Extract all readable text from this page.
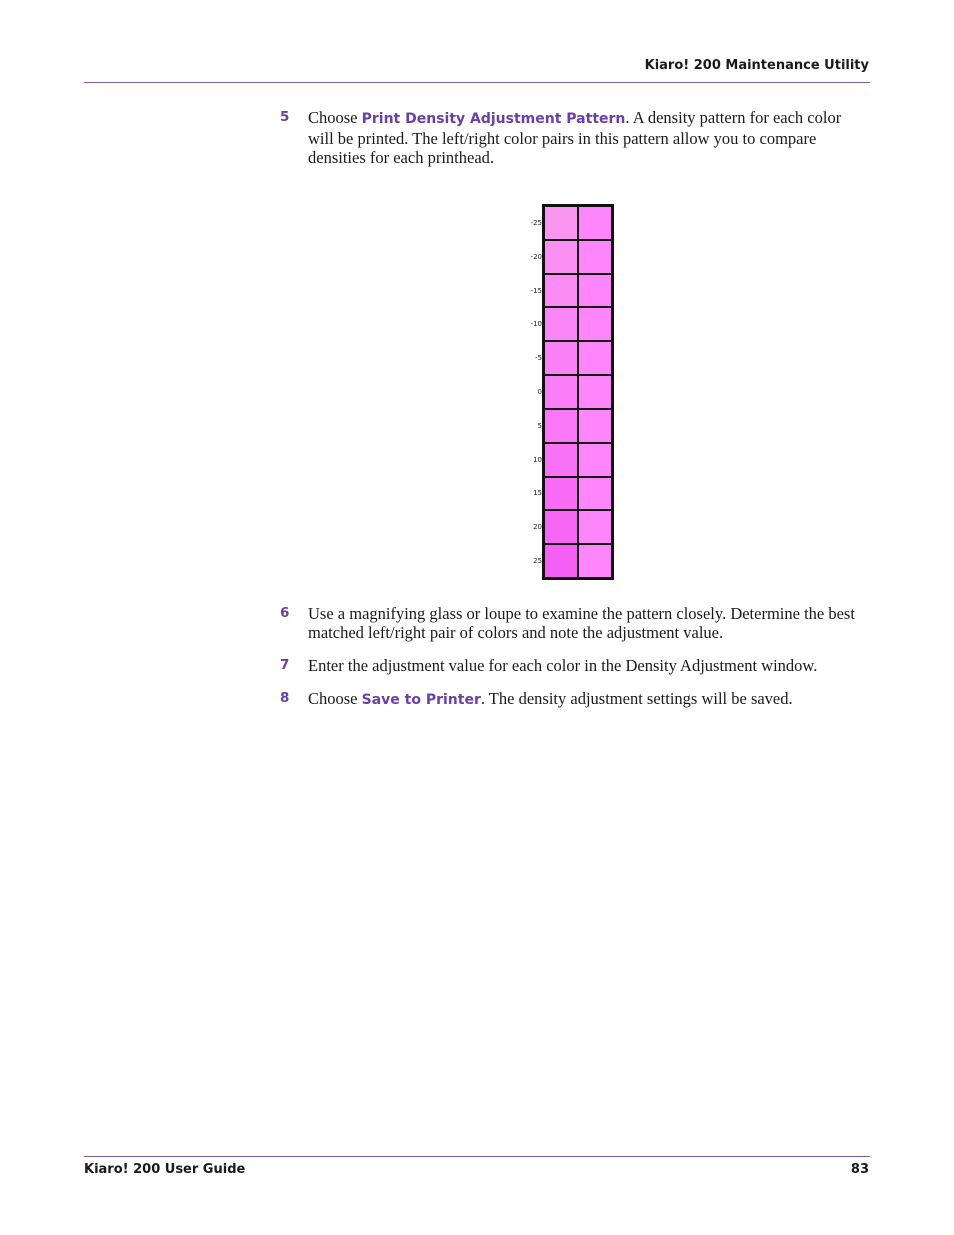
Kiaro! 200 Maintenance Utility
5 Choose Print Density Adjustment Pattern. A density pattern for each color will be printed. The left/right color pairs in this pattern allow you to compare densities for each printhead.
-25
-20
-15
-10
-5
0
5
10
15
20
25
6 Use a magnifying glass or loupe to examine the pattern closely. Determine the best matched left/right pair of colors and note the adjustment value.
7 Enter the adjustment value for each color in the Density Adjustment window.
8 Choose Save to Printer. The density adjustment settings will be saved.
Kiaro! 200 User Guide	83
